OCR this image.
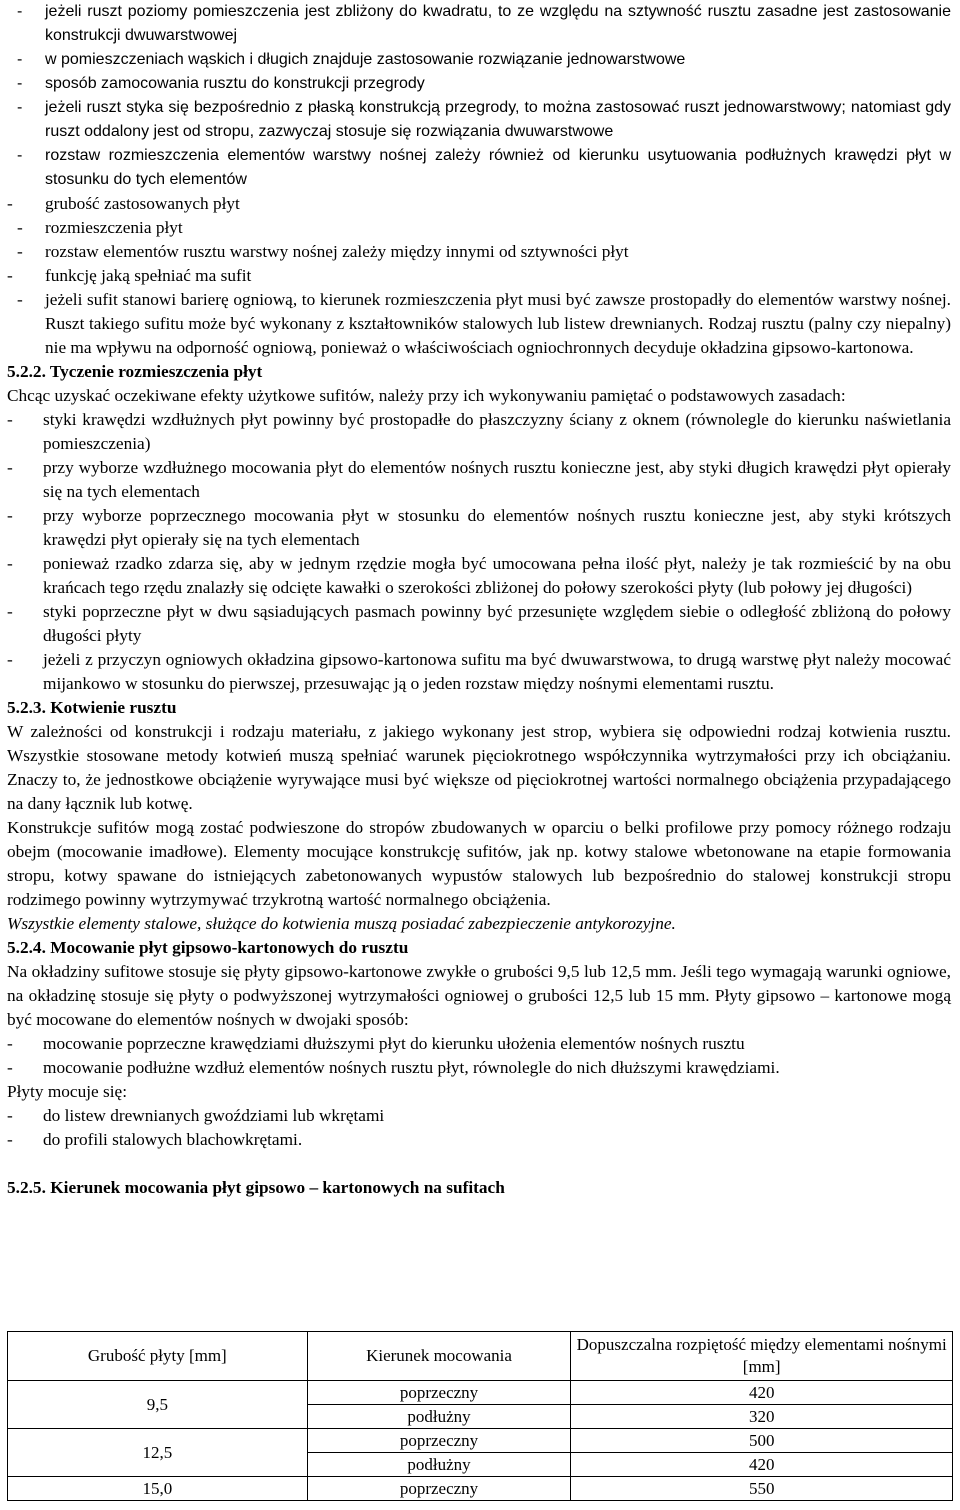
- jeżeli ruszt poziomy pomieszczenia jest zbliżony do kwadratu, to ze względu na sztywność rusztu zasadne jest zastosowanie konstrukcji dwuwarstwowej
- w pomieszczeniach wąskich i długich znajduje zastosowanie rozwiązanie jednowarstwowe
- sposób zamocowania rusztu do konstrukcji przegrody
- jeżeli ruszt styka się bezpośrednio z płaską konstrukcją przegrody, to można zastosować ruszt jednowarstwowy; natomiast gdy ruszt oddalony jest od stropu, zazwyczaj stosuje się rozwiązania dwuwarstwowe
- rozstaw rozmieszczenia elementów warstwy nośnej zależy również od kierunku usytuowania podłużnych krawędzi płyt w stosunku do tych elementów
- grubość zastosowanych płyt
- rozmieszczenia płyt
- rozstaw elementów rusztu warstwy nośnej zależy między innymi od sztywności płyt
- funkcję jaką spełniać ma sufit
- jeżeli sufit stanowi barierę ogniową, to kierunek rozmieszczenia płyt musi być zawsze prostopadły do elementów warstwy nośnej. Ruszt takiego sufitu może być wykonany z kształtowników stalowych lub listew drewnianych. Rodzaj rusztu (palny czy niepalny) nie ma wpływu na odporność ogniową, ponieważ o właściwościach ogniochronnych decyduje okładzina gipsowo-kartonowa.

5.2.2. Tyczenie rozmieszczenia płyt

Chcąc uzyskać oczekiwane efekty użytkowe sufitów, należy przy ich wykonywaniu pamiętać o podstawowych zasadach:

- styki krawędzi wzdłużnych płyt powinny być prostopadłe do płaszczyzny ściany z oknem (równolegle do kierunku naświetlania pomieszczenia)
- przy wyborze wzdłużnego mocowania płyt do elementów nośnych rusztu konieczne jest, aby styki długich krawędzi płyt opierały się na tych elementach
- przy wyborze poprzecznego mocowania płyt w stosunku do elementów nośnych rusztu konieczne jest, aby styki krótszych krawędzi płyt opierały się na tych elementach
- ponieważ rzadko zdarza się, aby w jednym rzędzie mogła być umocowana pełna ilość płyt, należy je tak rozmieścić by na obu krańcach tego rzędu znalazły się odcięte kawałki o szerokości zbliżonej do połowy szerokości płyty (lub połowy jej długości)
- styki poprzeczne płyt w dwu sąsiadujących pasmach powinny być przesunięte względem siebie o odległość zbliżoną do połowy długości płyty
- jeżeli z przyczyn ogniowych okładzina gipsowo-kartonowa sufitu ma być dwuwarstwowa, to drugą warstwę płyt należy mocować mijankowo w stosunku do pierwszej, przesuwając ją o jeden rozstaw między nośnymi elementami rusztu.

5.2.3. Kotwienie rusztu

W zależności od konstrukcji i rodzaju materiału, z jakiego wykonany jest strop, wybiera się odpowiedni rodzaj kotwienia rusztu. Wszystkie stosowane metody kotwień muszą spełniać warunek pięciokrotnego współczynnika wytrzymałości przy ich obciążaniu. Znaczy to, że jednostkowe obciążenie wyrywające musi być większe od pięciokrotnej wartości normalnego obciążenia przypadającego na dany łącznik lub kotwę.

Konstrukcje sufitów mogą zostać podwieszone do stropów zbudowanych w oparciu o belki profilowe przy pomocy różnego rodzaju obejm (mocowanie imadłowe). Elementy mocujące konstrukcję sufitów, jak np. kotwy stalowe wbetonowane na etapie formowania stropu, kotwy spawane do istniejących zabetonowanych wypustów stalowych lub bezpośrednio do stalowej konstrukcji stropu rodzimego powinny wytrzymywać trzykrotną wartość normalnego obciążenia.

Wszystkie elementy stalowe, służące do kotwienia muszą posiadać zabezpieczenie antykorozyjne.

5.2.4. Mocowanie płyt gipsowo-kartonowych do rusztu

Na okładziny sufitowe stosuje się płyty gipsowo-kartonowe zwykłe o grubości 9,5 lub 12,5 mm. Jeśli tego wymagają warunki ogniowe, na okładzinę stosuje się płyty o podwyższonej wytrzymałości ogniowej o grubości 12,5 lub 15 mm. Płyty gipsowo – kartonowe mogą być mocowane do elementów nośnych w dwojaki sposób:

- mocowanie poprzeczne krawędziami dłuższymi płyt do kierunku ułożenia elementów nośnych rusztu
- mocowanie podłużne wzdłuż elementów nośnych rusztu płyt, równolegle do nich dłuższymi krawędziami.

Płyty mocuje się:

- do listew drewnianych gwoździami lub wkrętami
- do profili stalowych blachowkrętami.

5.2.5. Kierunek mocowania płyt gipsowo – kartonowych na sufitach

Grubość płyty [mm]	Kierunek mocowania	Dopuszczalna rozpiętość między elementami nośnymi [mm]
9,5	poprzeczny	420
	podłużny	320
12,5	poprzeczny	500
	podłużny	420
15,0	poprzeczny	550
